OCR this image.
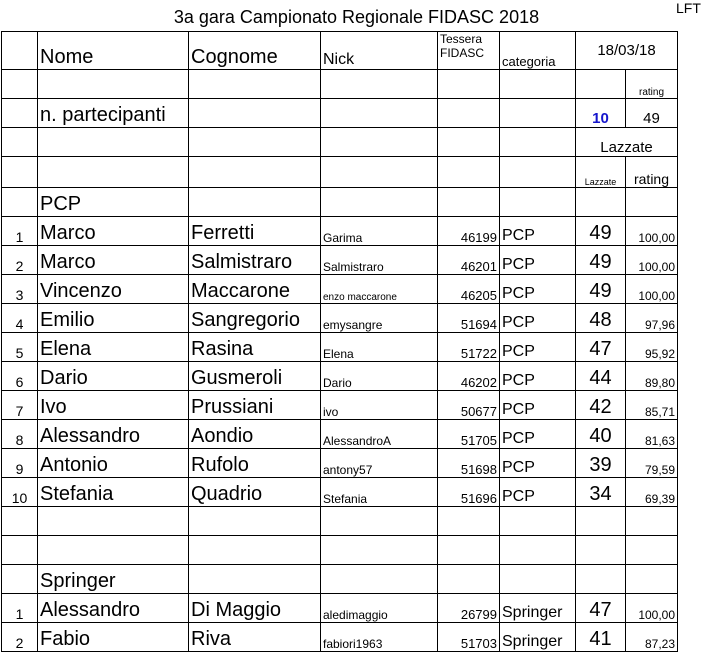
3a gara Campionato Regionale FIDASC 2018	LFT
	Nome	Cognome	Nick	Tessera FIDASC	categoria	18/03/18	
							rating
	n. partecipanti					10	49
						Lazzate	
						Lazzate	rating
	PCP						
1	Marco	Ferretti	Garima	46199	PCP	49	100,00
2	Marco	Salmistraro	Salmistraro	46201	PCP	49	100,00
3	Vincenzo	Maccarone	enzo maccarone	46205	PCP	49	100,00
4	Emilio	Sangregorio	emysangre	51694	PCP	48	97,96
5	Elena	Rasina	Elena	51722	PCP	47	95,92
6	Dario	Gusmeroli	Dario	46202	PCP	44	89,80
7	Ivo	Prussiani	ivo	50677	PCP	42	85,71
8	Alessandro	Aondio	AlessandroA	51705	PCP	40	81,63
9	Antonio	Rufolo	antony57	51698	PCP	39	79,59
10	Stefania	Quadrio	Stefania	51696	PCP	34	69,39

	Springer						
1	Alessandro	Di Maggio	aledimaggio	26799	Springer	47	100,00
2	Fabio	Riva	fabiori1963	51703	Springer	41	87,23
